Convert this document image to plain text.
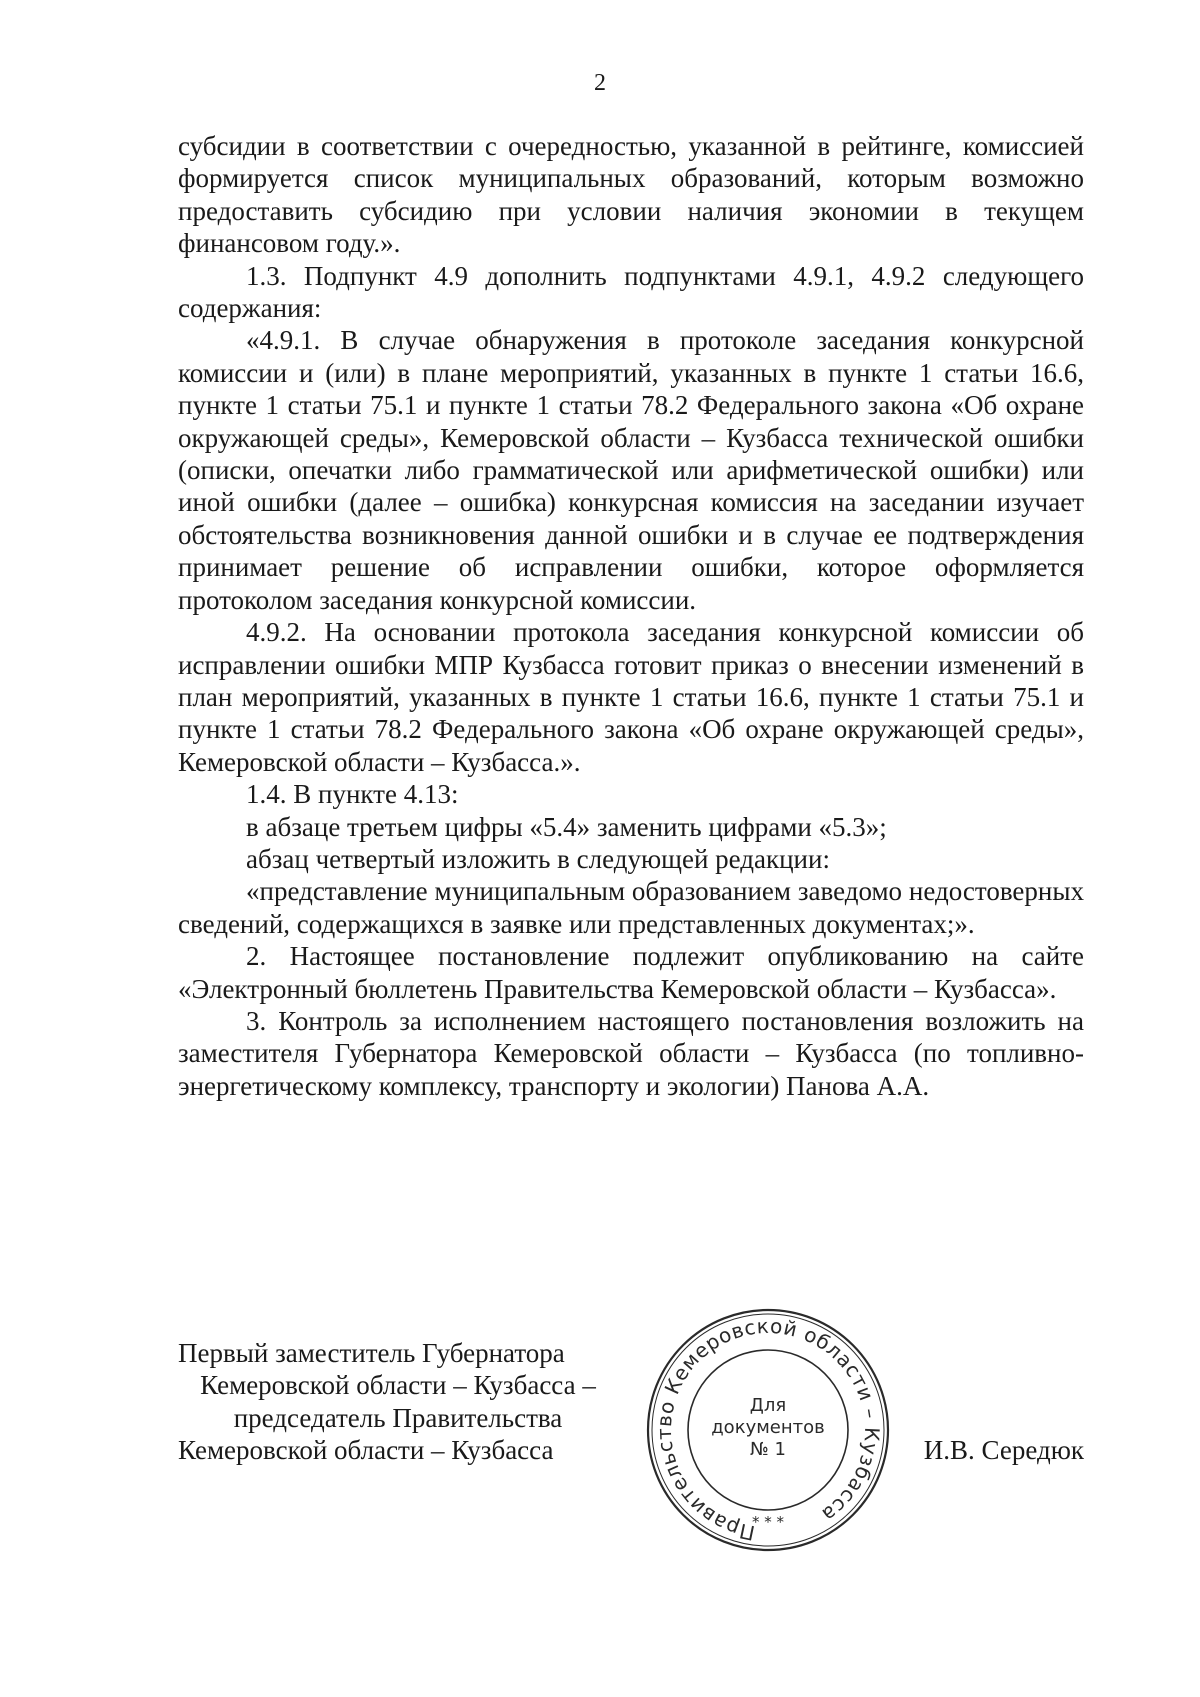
2

субсидии в соответствии с очередностью, указанной в рейтинге, комиссией формируется список муниципальных образований, которым возможно предоставить субсидию при условии наличия экономии в текущем финансовом году.».

1.3. Подпункт 4.9 дополнить подпунктами 4.9.1, 4.9.2 следующего содержания:

«4.9.1. В случае обнаружения в протоколе заседания конкурсной комиссии и (или) в плане мероприятий, указанных в пункте 1 статьи 16.6, пункте 1 статьи 75.1 и пункте 1 статьи 78.2 Федерального закона «Об охране окружающей среды», Кемеровской области – Кузбасса технической ошибки (описки, опечатки либо грамматической или арифметической ошибки) или иной ошибки (далее – ошибка) конкурсная комиссия на заседании изучает обстоятельства возникновения данной ошибки и в случае ее подтверждения принимает решение об исправлении ошибки, которое оформляется протоколом заседания конкурсной комиссии.

4.9.2. На основании протокола заседания конкурсной комиссии об исправлении ошибки МПР Кузбасса готовит приказ о внесении изменений в план мероприятий, указанных в пункте 1 статьи 16.6, пункте 1 статьи 75.1 и пункте 1 статьи 78.2 Федерального закона «Об охране окружающей среды», Кемеровской области – Кузбасса.».

1.4. В пункте 4.13:

в абзаце третьем цифры «5.4» заменить цифрами «5.3»;

абзац четвертый изложить в следующей редакции:

«представление муниципальным образованием заведомо недостоверных сведений, содержащихся в заявке или представленных документах;».

2. Настоящее постановление подлежит опубликованию на сайте «Электронный бюллетень Правительства Кемеровской области – Кузбасса».

3. Контроль за исполнением настоящего постановления возложить на заместителя Губернатора Кемеровской области – Кузбасса (по топливно-энергетическому комплексу, транспорту и экологии) Панова А.А.

Первый заместитель Губернатора
Кемеровской области – Кузбасса –
председатель Правительства
Кемеровской области – Кузбасса
Правительство Кемеровской области – Кузбасса
* * *
Для
документов
№ 1	И.В. Середюк
